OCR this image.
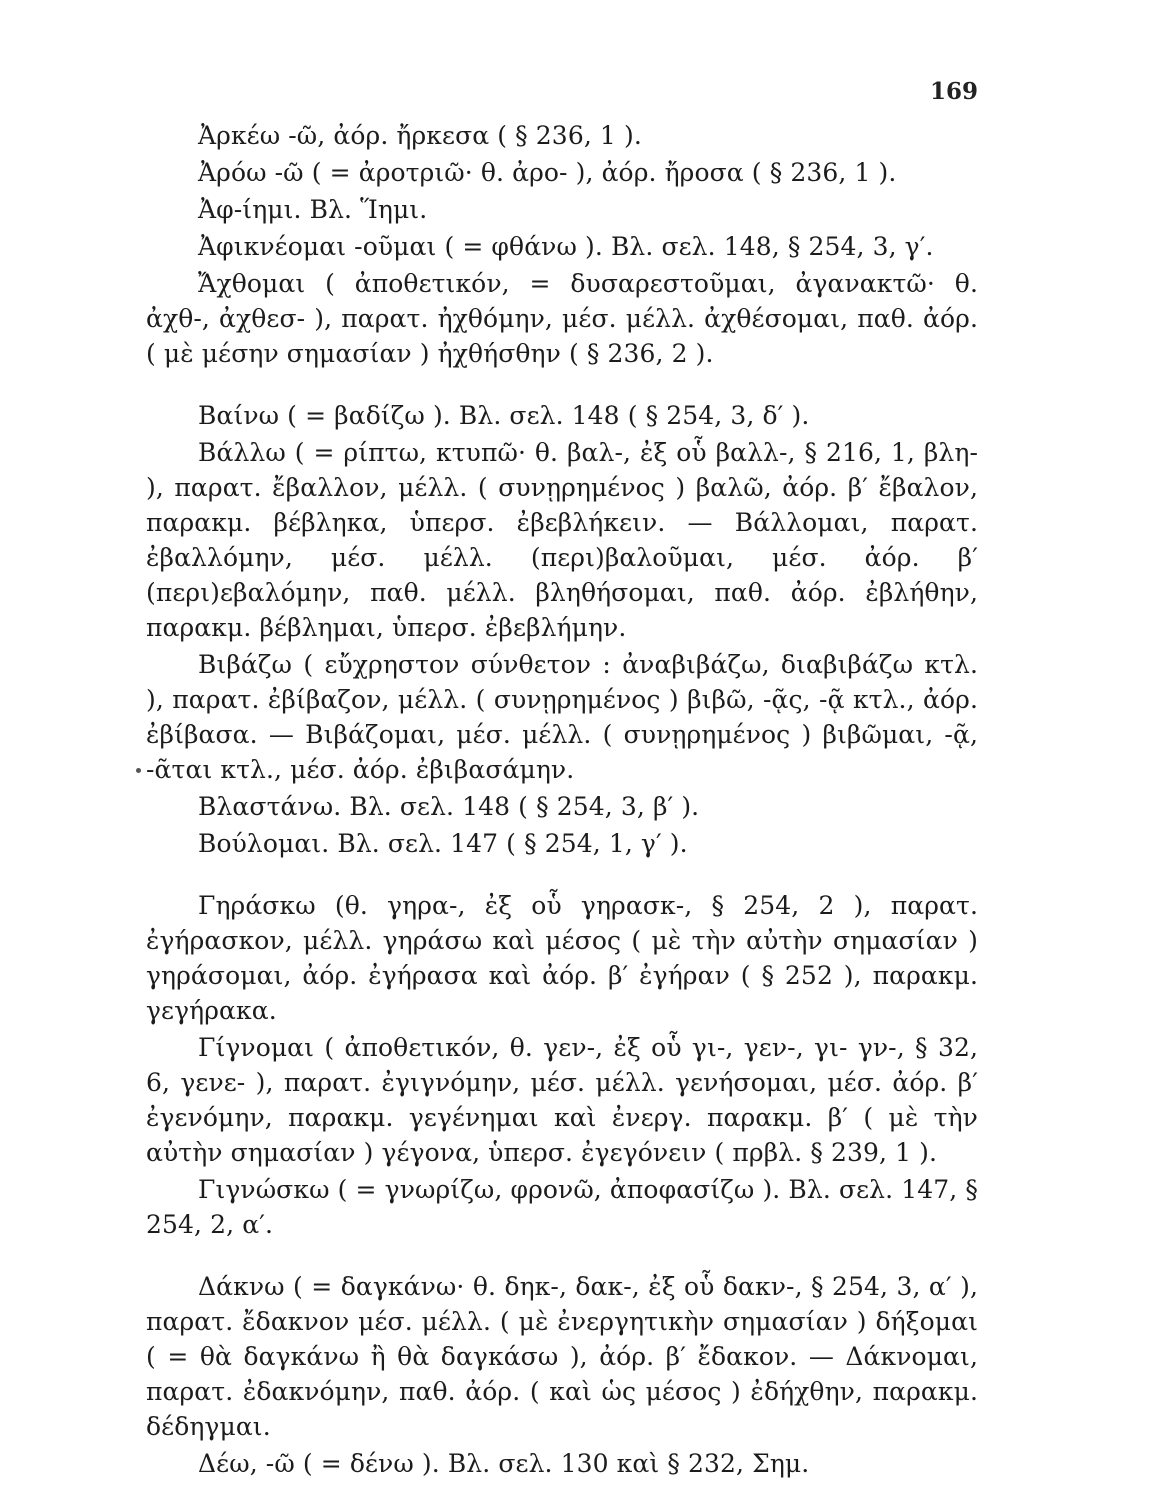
169

Ἀρκέω -ῶ, ἀόρ. ἤρκεσα ( § 236, 1 ).

Ἀρόω -ῶ ( = ἀροτριῶ· θ. ἀρο- ), ἀόρ. ἤροσα ( § 236, 1 ).

Ἀφ-ίημι. Βλ. Ἵημι.

Ἀφικνέομαι -οῦμαι ( = φθάνω ). Βλ. σελ. 148, § 254, 3, γ′.

Ἄχθομαι ( ἀποθετικόν, = δυσαρεστοῦμαι, ἀγανακτῶ· θ. ἀχθ-, ἀχθεσ- ), παρατ. ἠχθόμην, μέσ. μέλλ. ἀχθέσομαι, παθ. ἀόρ. ( μὲ μέσην σημασίαν ) ἠχθήσθην ( § 236, 2 ).

Βαίνω ( = βαδίζω ). Βλ. σελ. 148 ( § 254, 3, δ′ ).

Βάλλω ( = ρίπτω, κτυπῶ· θ. βαλ-, ἐξ οὗ βαλλ-, § 216, 1, βλη- ), παρατ. ἔβαλλον, μέλλ. ( συνῃρημένος ) βαλῶ, ἀόρ. β′ ἔβαλον, παρακμ. βέβληκα, ὑπερσ. ἐβεβλήκειν. — Βάλλομαι, παρατ. ἐβαλλόμην, μέσ. μέλλ. (περι)βαλοῦμαι, μέσ. ἀόρ. β′ (περι)εβαλόμην, παθ. μέλλ. βληθήσομαι, παθ. ἀόρ. ἐβλήθην, παρακμ. βέβλημαι, ὑπερσ. ἐβεβλήμην.

Βιβάζω ( εὔχρηστον σύνθετον : ἀναβιβάζω, διαβιβάζω κτλ. ), παρατ. ἐβίβαζον, μέλλ. ( συνῃρημένος ) βιβῶ, -ᾷς, -ᾷ κτλ., ἀόρ. ἐβίβασα. — Βιβάζομαι, μέσ. μέλλ. ( συνῃρημένος ) βιβῶμαι, -ᾷ, -ᾶται κτλ., μέσ. ἀόρ. ἐβιβασάμην.

Βλαστάνω. Βλ. σελ. 148 ( § 254, 3, β′ ).

Βούλομαι. Βλ. σελ. 147 ( § 254, 1, γ′ ).

Γηράσκω (θ. γηρα-, ἐξ οὗ γηρασκ-, § 254, 2 ), παρατ. ἐγήρασκον, μέλλ. γηράσω καὶ μέσος ( μὲ τὴν αὐτὴν σημασίαν ) γηράσομαι, ἀόρ. ἐγήρασα καὶ ἀόρ. β′ ἐγήραν ( § 252 ), παρακμ. γεγήρακα.

Γίγνομαι ( ἀποθετικόν, θ. γεν-, ἐξ οὗ γι-, γεν-, γι- γν-, § 32, 6, γενε- ), παρατ. ἐγιγνόμην, μέσ. μέλλ. γενήσομαι, μέσ. ἀόρ. β′ ἐγενόμην, παρακμ. γεγένημαι καὶ ἐνεργ. παρακμ. β′ ( μὲ τὴν αὐτὴν σημασίαν ) γέγονα, ὑπερσ. ἐγεγόνειν ( πρβλ. § 239, 1 ).

Γιγνώσκω ( = γνωρίζω, φρονῶ, ἀποφασίζω ). Βλ. σελ. 147, § 254, 2, α′.

Δάκνω ( = δαγκάνω· θ. δηκ-, δακ-, ἐξ οὗ δακν-, § 254, 3, α′ ), παρατ. ἔδακνον μέσ. μέλλ. ( μὲ ἐνεργητικὴν σημασίαν ) δήξομαι ( = θὰ δαγκάνω ἢ θὰ δαγκάσω ), ἀόρ. β′ ἔδακον. — Δάκνομαι, παρατ. ἐδακνόμην, παθ. ἀόρ. ( καὶ ὡς μέσος ) ἐδήχθην, παρακμ. δέδηγμαι.

Δέω, -ῶ ( = δένω ). Βλ. σελ. 130 καὶ § 232, Σημ.
